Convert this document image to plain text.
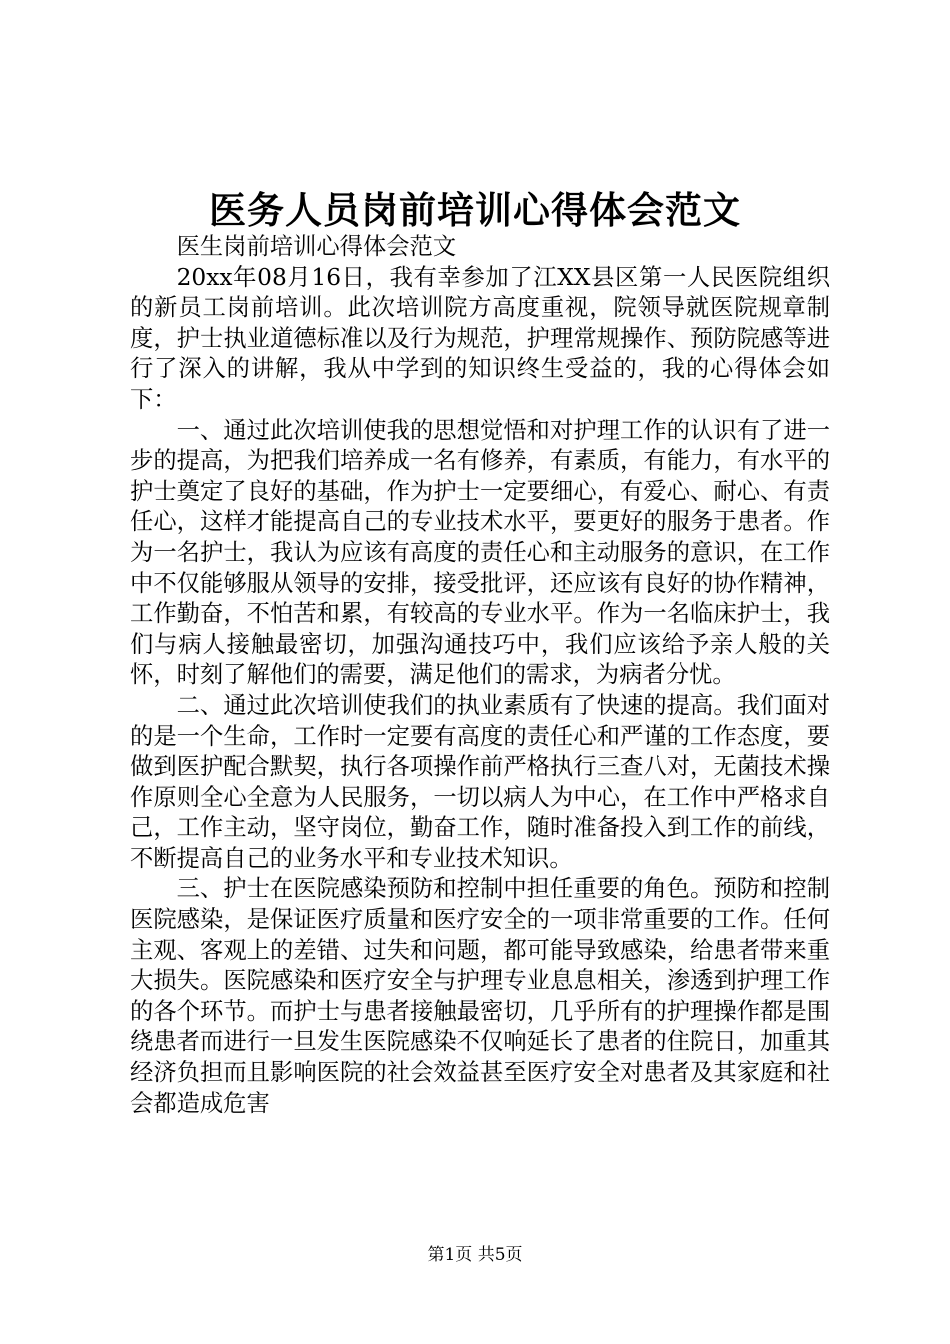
医务人员岗前培训心得体会范文

医生岗前培训心得体会范文

20xx年08月16日，我有幸参加了江XX县区第一人民医院组织的新员工岗前培训。此次培训院方高度重视，院领导就医院规章制度，护士执业道德标准以及行为规范，护理常规操作、预防院感等进行了深入的讲解，我从中学到的知识终生受益的，我的心得体会如下：

一、通过此次培训使我的思想觉悟和对护理工作的认识有了进一步的提高，为把我们培养成一名有修养，有素质，有能力，有水平的护士奠定了良好的基础，作为护士一定要细心，有爱心、耐心、有责任心，这样才能提高自己的专业技术水平，要更好的服务于患者。作为一名护士，我认为应该有高度的责任心和主动服务的意识，在工作中不仅能够服从领导的安排，接受批评，还应该有良好的协作精神，工作勤奋，不怕苦和累，有较高的专业水平。作为一名临床护士，我们与病人接触最密切，加强沟通技巧中，我们应该给予亲人般的关怀，时刻了解他们的需要，满足他们的需求，为病者分忧。

二、通过此次培训使我们的执业素质有了快速的提高。我们面对的是一个生命，工作时一定要有高度的责任心和严谨的工作态度，要做到医护配合默契，执行各项操作前严格执行三查八对，无菌技术操作原则全心全意为人民服务，一切以病人为中心，在工作中严格求自己，工作主动，坚守岗位，勤奋工作，随时准备投入到工作的前线，不断提高自己的业务水平和专业技术知识。

三、护士在医院感染预防和控制中担任重要的角色。预防和控制医院感染，是保证医疗质量和医疗安全的一项非常重要的工作。任何主观、客观上的差错、过失和问题，都可能导致感染，给患者带来重大损失。医院感染和医疗安全与护理专业息息相关，渗透到护理工作的各个环节。而护士与患者接触最密切，几乎所有的护理操作都是围绕患者而进行一旦发生医院感染不仅响延长了患者的住院日，加重其经济负担而且影响医院的社会效益甚至医疗安全对患者及其家庭和社会都造成危害

第1页 共5页
